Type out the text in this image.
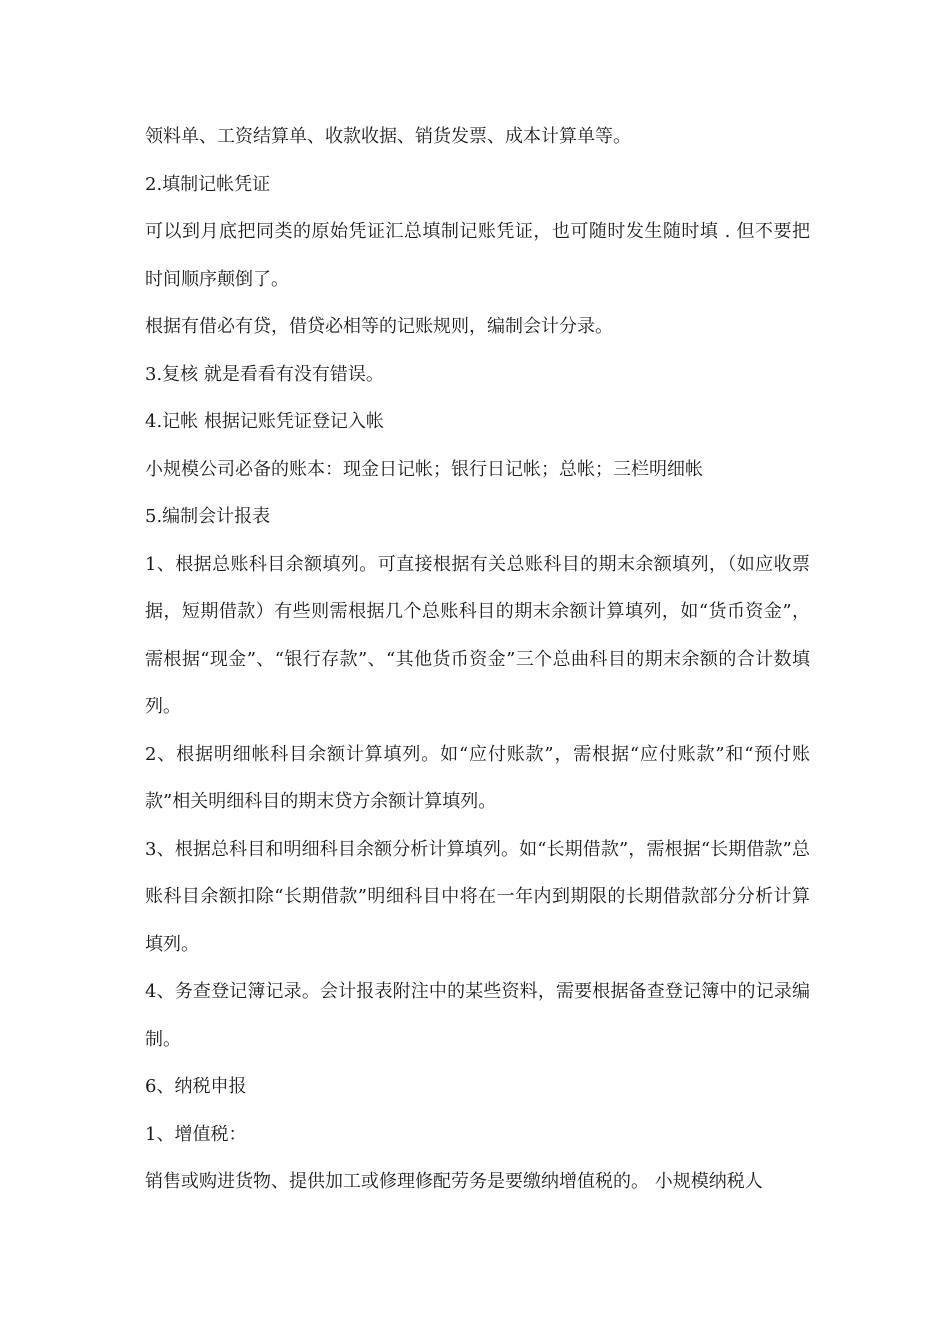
领料单、工资结算单、收款收据、销货发票、成本计算单等。

2.填制记帐凭证

可以到月底把同类的原始凭证汇总填制记账凭证，也可随时发生随时填 . 但不要把时间顺序颠倒了。

根据有借必有贷，借贷必相等的记账规则，编制会计分录。

3.复核 就是看看有没有错误。

4.记帐 根据记账凭证登记入帐

小规模公司必备的账本：现金日记帐；银行日记帐；总帐；三栏明细帐

5.编制会计报表

1、根据总账科目余额填列。可直接根据有关总账科目的期末余额填列，（如应收票据，短期借款）有些则需根据几个总账科目的期末余额计算填列，如“货币资金”，需根据“现金”、“银行存款”、“其他货币资金”三个总曲科目的期末余额的合计数填列。

2、根据明细帐科目余额计算填列。如“应付账款”，需根据“应付账款”和“预付账款”相关明细科目的期末贷方余额计算填列。

3、根据总科目和明细科目余额分析计算填列。如“长期借款”，需根据“长期借款”总账科目余额扣除“长期借款”明细科目中将在一年内到期限的长期借款部分分析计算填列。

4、务查登记簿记录。会计报表附注中的某些资料，需要根据备查登记簿中的记录编制。

6、纳税申报

1、增值税：

销售或购进货物、提供加工或修理修配劳务是要缴纳增值税的。 小规模纳税人
